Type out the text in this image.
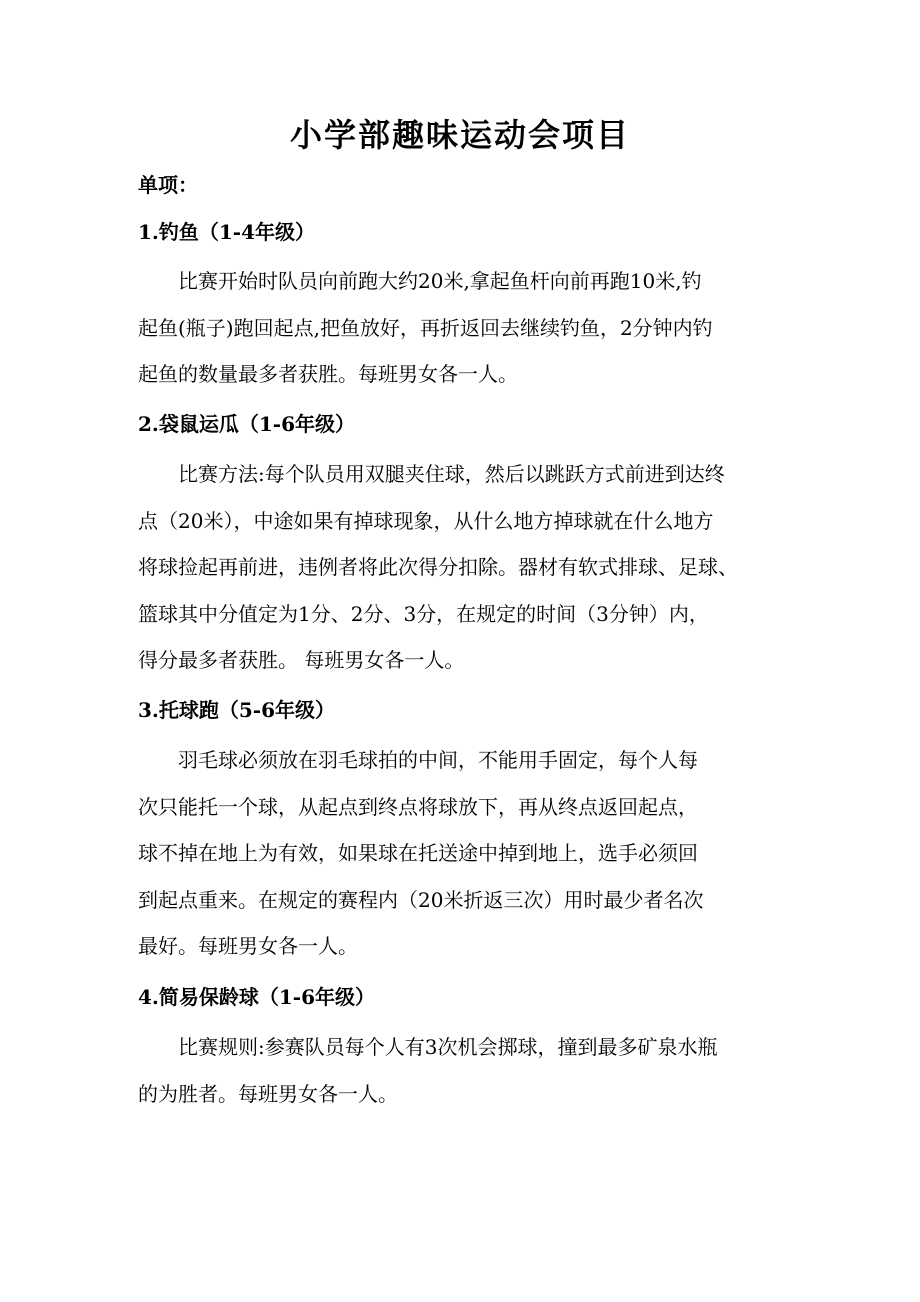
小学部趣味运动会项目
单项：
1.钓鱼（1-4年级）
比赛开始时队员向前跑大约20米,拿起鱼杆向前再跑10米,钓
起鱼(瓶子)跑回起点,把鱼放好，再折返回去继续钓鱼，2分钟内钓
起鱼的数量最多者获胜。每班男女各一人。
2.袋鼠运瓜（1-6年级）
比赛方法:每个队员用双腿夹住球，然后以跳跃方式前进到达终
点（20米），中途如果有掉球现象，从什么地方掉球就在什么地方
将球捡起再前进，违例者将此次得分扣除。器材有软式排球、足球、
篮球其中分值定为1分、2分、3分，在规定的时间（3分钟）内，
得分最多者获胜。 每班男女各一人。
3.托球跑（5-6年级）
羽毛球必须放在羽毛球拍的中间，不能用手固定，每个人每
次只能托一个球，从起点到终点将球放下，再从终点返回起点，
球不掉在地上为有效，如果球在托送途中掉到地上，选手必须回
到起点重来。在规定的赛程内（20米折返三次）用时最少者名次
最好。每班男女各一人。
4.简易保龄球（1-6年级）
比赛规则:参赛队员每个人有3次机会掷球，撞到最多矿泉水瓶
的为胜者。每班男女各一人。
